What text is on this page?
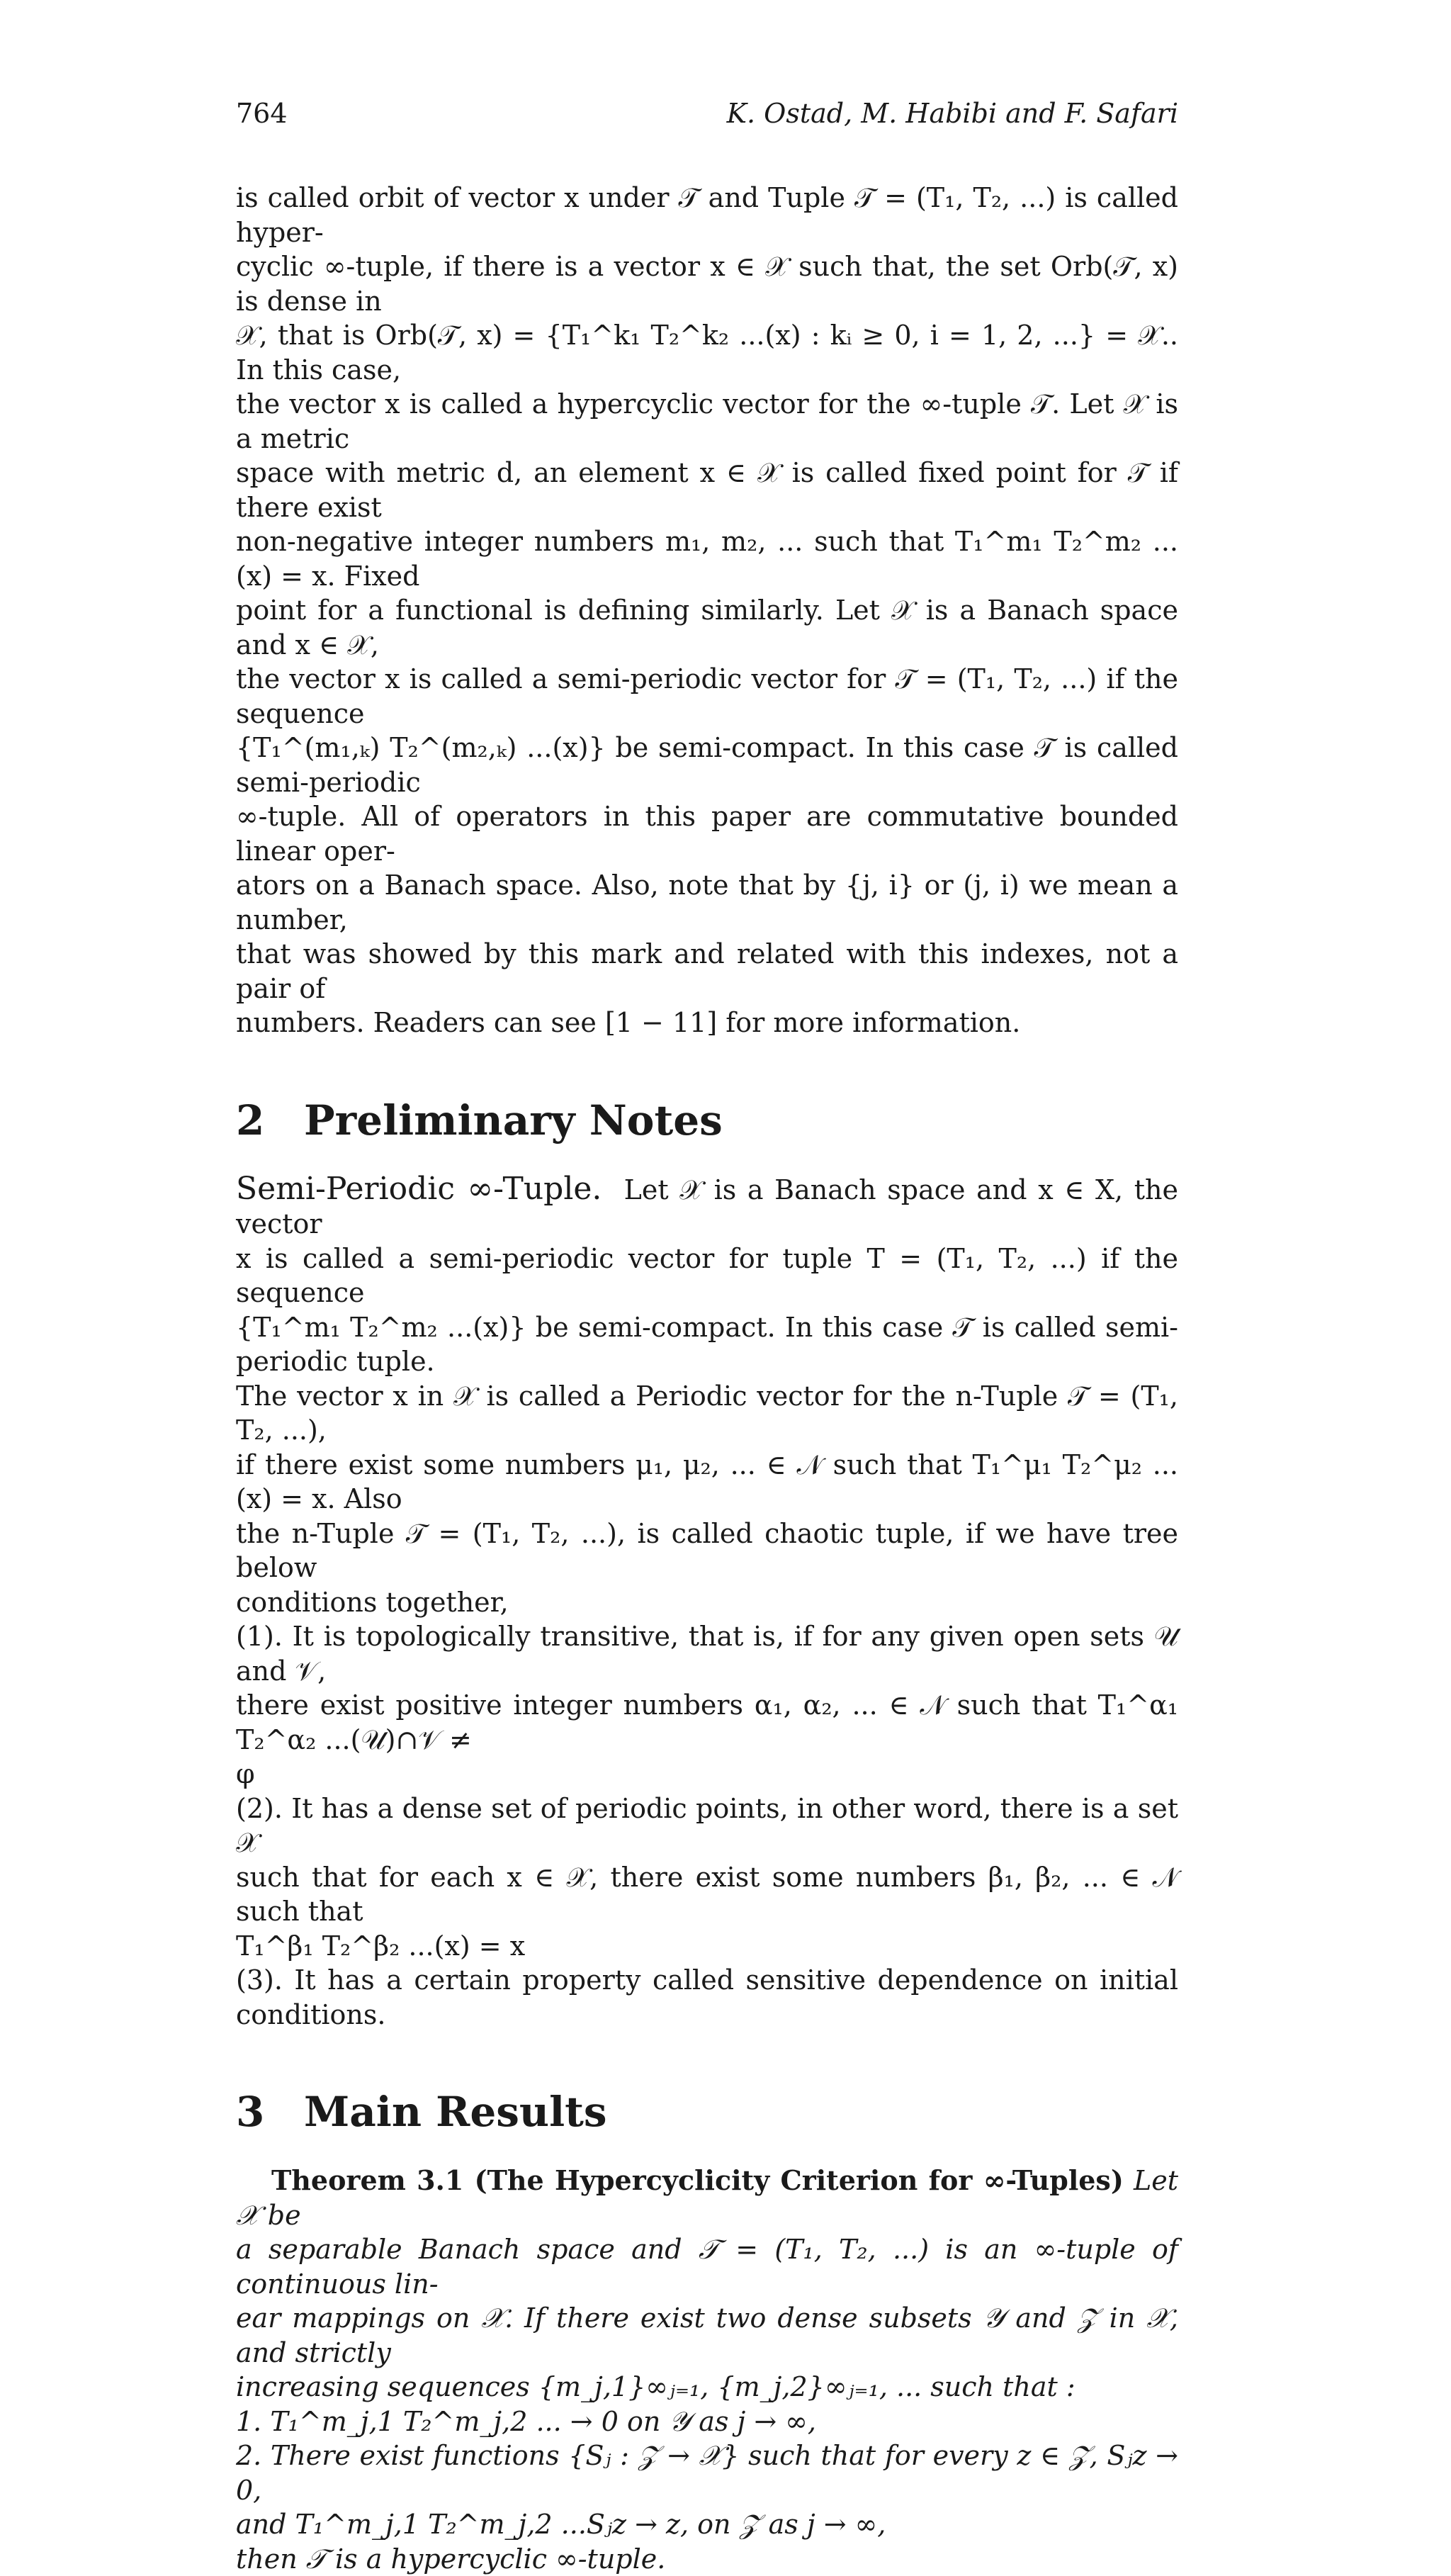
764	K. Ostad, M. Habibi and F. Safari

is called orbit of vector x under 𝒯 and Tuple 𝒯 = (T₁, T₂, ...) is called hyper-
cyclic ∞-tuple, if there is a vector x ∈ 𝒳 such that, the set Orb(𝒯, x) is dense in
𝒳, that is Orb(𝒯, x) = {T₁^k₁ T₂^k₂ ...(x) : kᵢ ≥ 0, i = 1, 2, ...} = 𝒳.. In this case,
the vector x is called a hypercyclic vector for the ∞-tuple 𝒯. Let 𝒳 is a metric
space with metric d, an element x ∈ 𝒳 is called fixed point for 𝒯 if there exist
non-negative integer numbers m₁, m₂, ... such that T₁^m₁ T₂^m₂ ...(x) = x. Fixed
point for a functional is defining similarly. Let 𝒳 is a Banach space and x ∈ 𝒳,
the vector x is called a semi-periodic vector for 𝒯 = (T₁, T₂, ...) if the sequence
{T₁^(m₁,ₖ) T₂^(m₂,ₖ) ...(x)} be semi-compact. In this case 𝒯 is called semi-periodic
∞-tuple. All of operators in this paper are commutative bounded linear oper-
ators on a Banach space. Also, note that by {j, i} or (j, i) we mean a number,
that was showed by this mark and related with this indexes, not a pair of
numbers. Readers can see [1 − 11] for more information.

2 Preliminary Notes

Semi-Periodic ∞-Tuple. Let 𝒳 is a Banach space and x ∈ X, the vector
x is called a semi-periodic vector for tuple T = (T₁, T₂, ...) if the sequence
{T₁^m₁ T₂^m₂ ...(x)} be semi-compact. In this case 𝒯 is called semi-periodic tuple.
The vector x in 𝒳 is called a Periodic vector for the n-Tuple 𝒯 = (T₁, T₂, ...),
if there exist some numbers μ₁, μ₂, ... ∈ 𝒩 such that T₁^μ₁ T₂^μ₂ ...(x) = x. Also
the n-Tuple 𝒯 = (T₁, T₂, ...), is called chaotic tuple, if we have tree below
conditions together,
(1). It is topologically transitive, that is, if for any given open sets 𝒰 and 𝒱,
there exist positive integer numbers α₁, α₂, ... ∈ 𝒩 such that T₁^α₁ T₂^α₂ ...(𝒰)∩𝒱 ≠
φ
(2). It has a dense set of periodic points, in other word, there is a set 𝒳
such that for each x ∈ 𝒳, there exist some numbers β₁, β₂, ... ∈ 𝒩 such that
T₁^β₁ T₂^β₂ ...(x) = x
(3). It has a certain property called sensitive dependence on initial conditions.

3 Main Results
Theorem 3.1 (The Hypercyclicity Criterion for ∞-Tuples) Let 𝒳 be
a separable Banach space and 𝒯 = (T₁, T₂, ...) is an ∞-tuple of continuous lin-
ear mappings on 𝒳. If there exist two dense subsets 𝒴 and 𝒵 in 𝒳, and strictly
increasing sequences {m_j,1}∞ⱼ₌₁, {m_j,2}∞ⱼ₌₁, ... such that :
1. T₁^m_j,1 T₂^m_j,2 ... → 0 on 𝒴 as j → ∞,
2. There exist functions {Sⱼ : 𝒵 → 𝒳} such that for every z ∈ 𝒵, Sⱼz → 0,
and T₁^m_j,1 T₂^m_j,2 ...Sⱼz → z, on 𝒵 as j → ∞,
then 𝒯 is a hypercyclic ∞-tuple.
